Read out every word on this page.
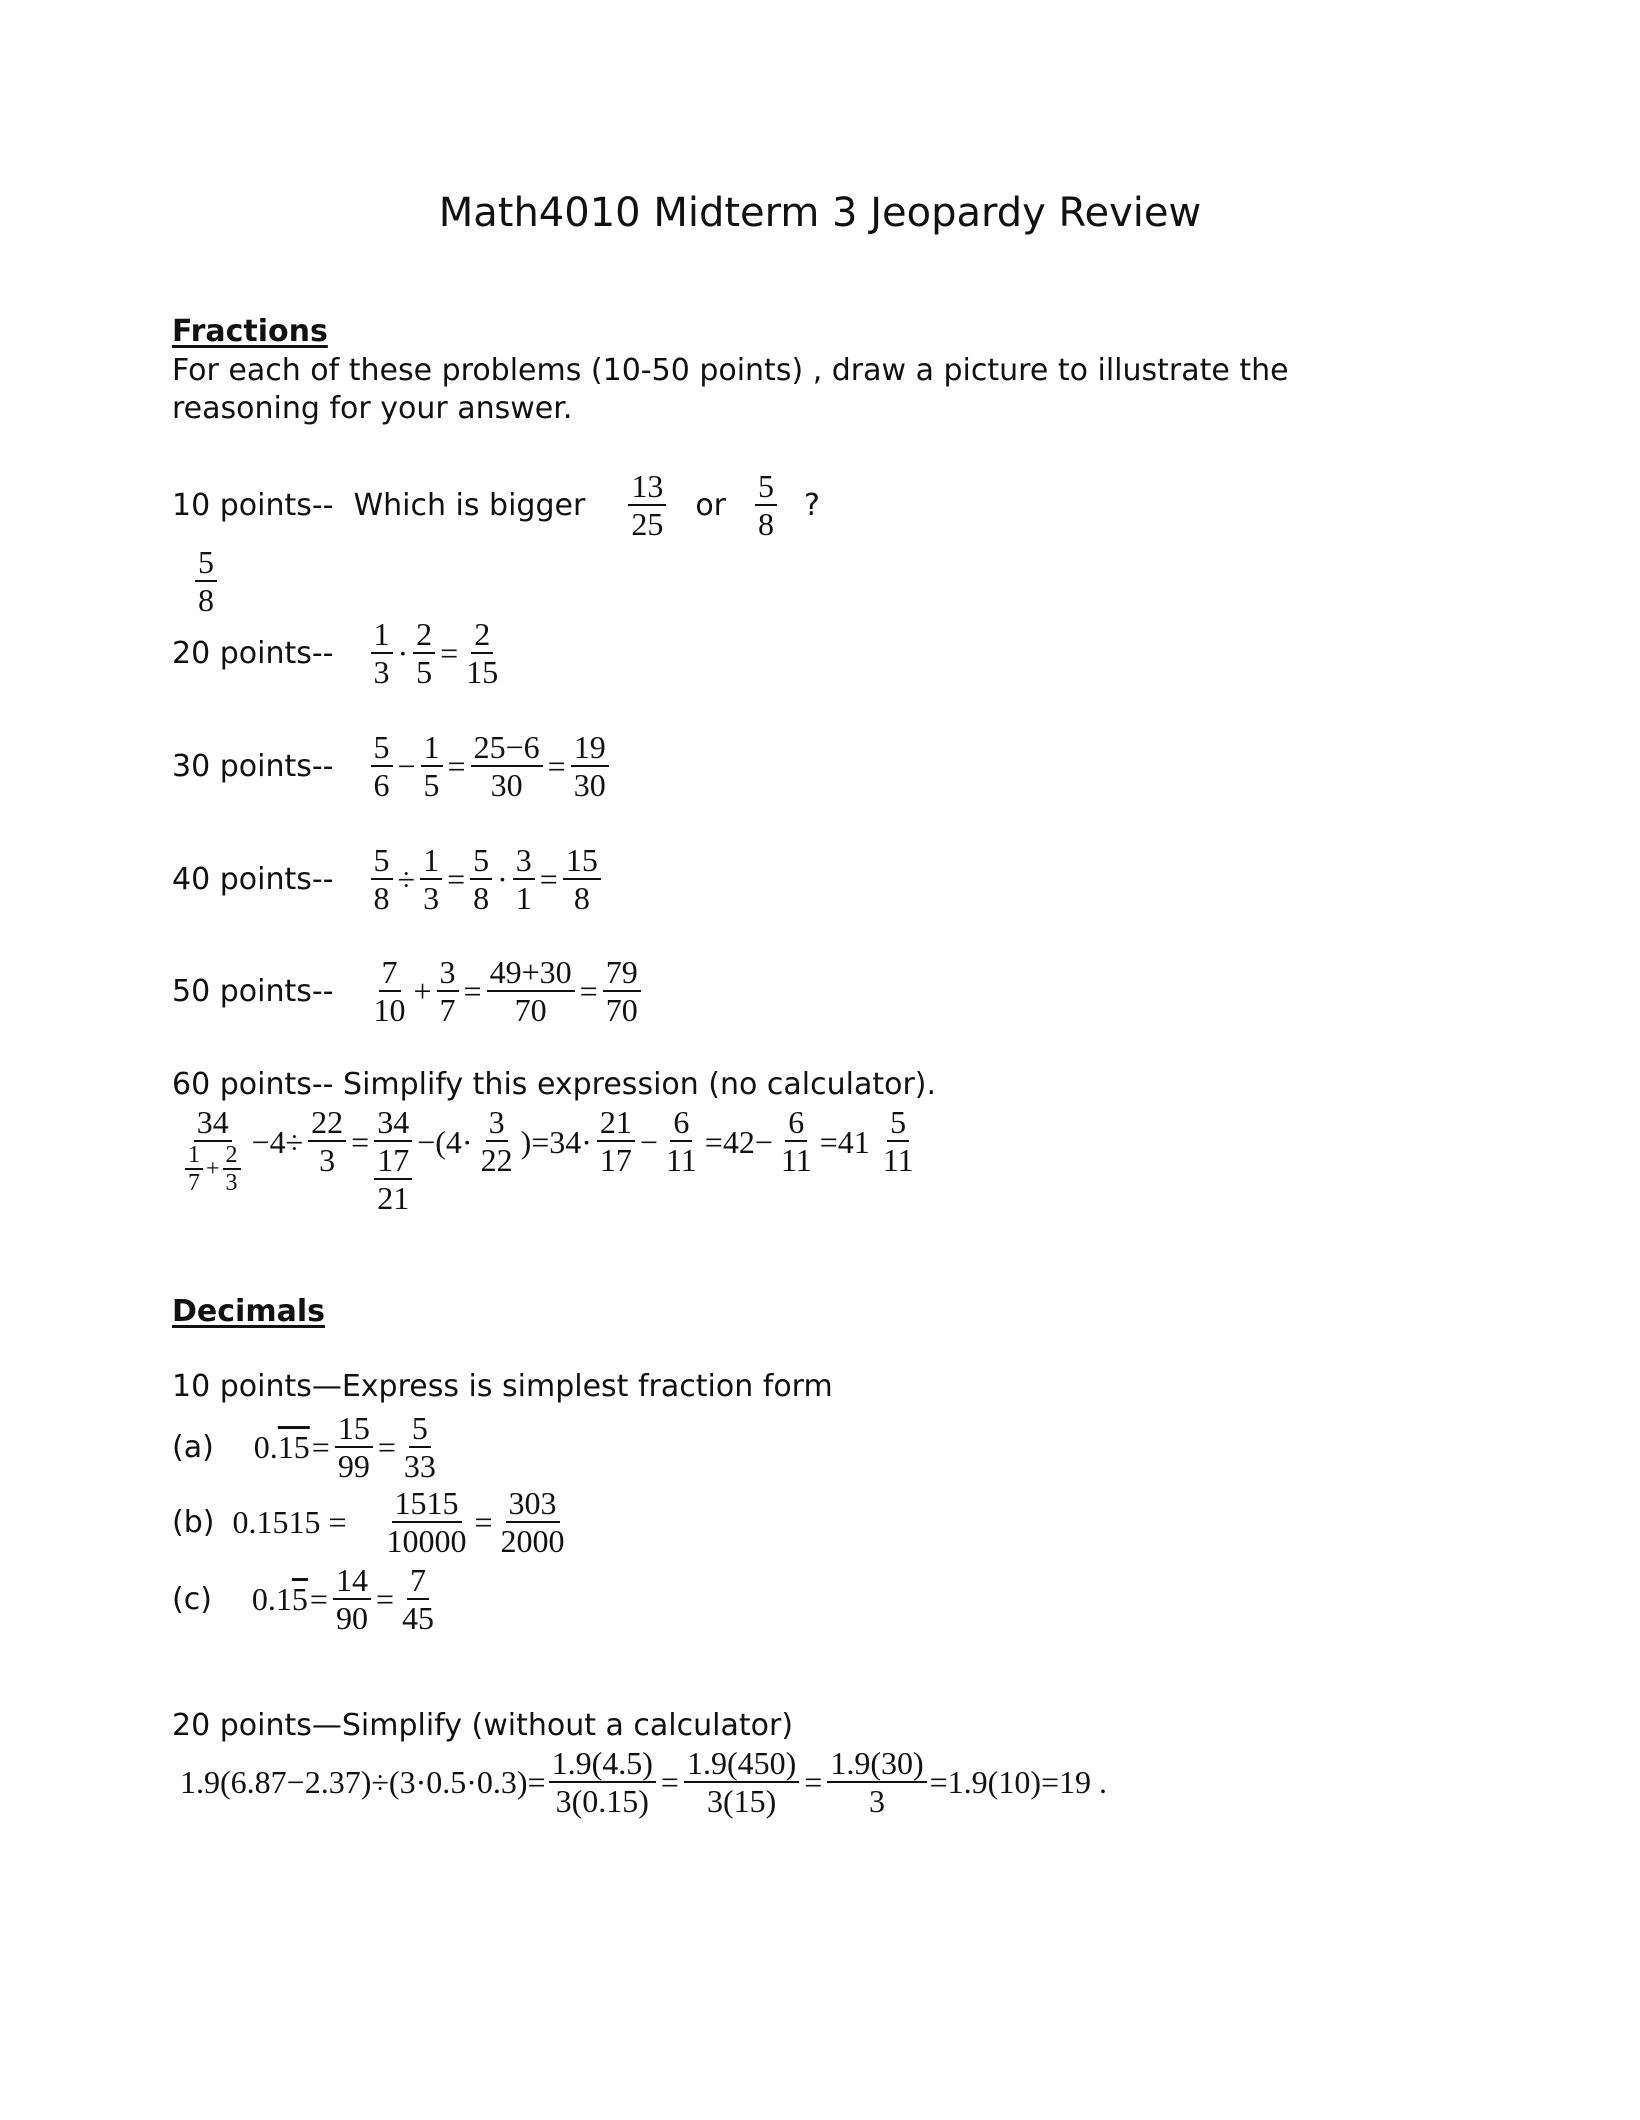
Math4010 Midterm 3 Jeopardy Review
Fractions
For each of these problems (10-50 points) , draw a picture to illustrate the
reasoning for your answer.
10 points-- Which is bigger $\frac{13}{25}$ or $\frac{5}{8}$ ?
$\frac{5}{8}$
20 points-- $\frac{1}{3} \cdot \frac{2}{5} = \frac{2}{15}$
30 points-- $\frac{5}{6} - \frac{1}{5} = \frac{25-6}{30} = \frac{19}{30}$
40 points-- $\frac{5}{8} \div \frac{1}{3} = \frac{5}{8} \cdot \frac{3}{1} = \frac{15}{8}$
50 points-- $\frac{7}{10} + \frac{3}{7} = \frac{49+30}{70} = \frac{79}{70}$
60 points-- Simplify this expression (no calculator).
$\frac{34}{\frac{1}{7} + \frac{2}{3}} -4\div \frac{22}{3}$ =
34
17
21
$-(4\cdot \frac{3}{22} )=34\cdot \frac{21}{17} - \frac{6}{11} =42- \frac{6}{11} =41 \frac{5}{11}$
Decimals
10 points—Express is simplest fraction form
(a) 0. $15 = \frac{15}{99} = \frac{5}{33}$
(b) $0.1515 = \frac{1515}{10000} = \frac{303}{2000}$
(c) 0.1 $5 = \frac{14}{90} = \frac{7}{45}$
20 points—Simplify (without a calculator)
$1.9(6.87-2.37)\div(3\cdot 0.5\cdot 0.3)= \frac{1.9(4.5)}{3(0.15)} = \frac{1.9(450)}{3(15)} = \frac{1.9(30)}{3} =1.9(10)=19$ .
